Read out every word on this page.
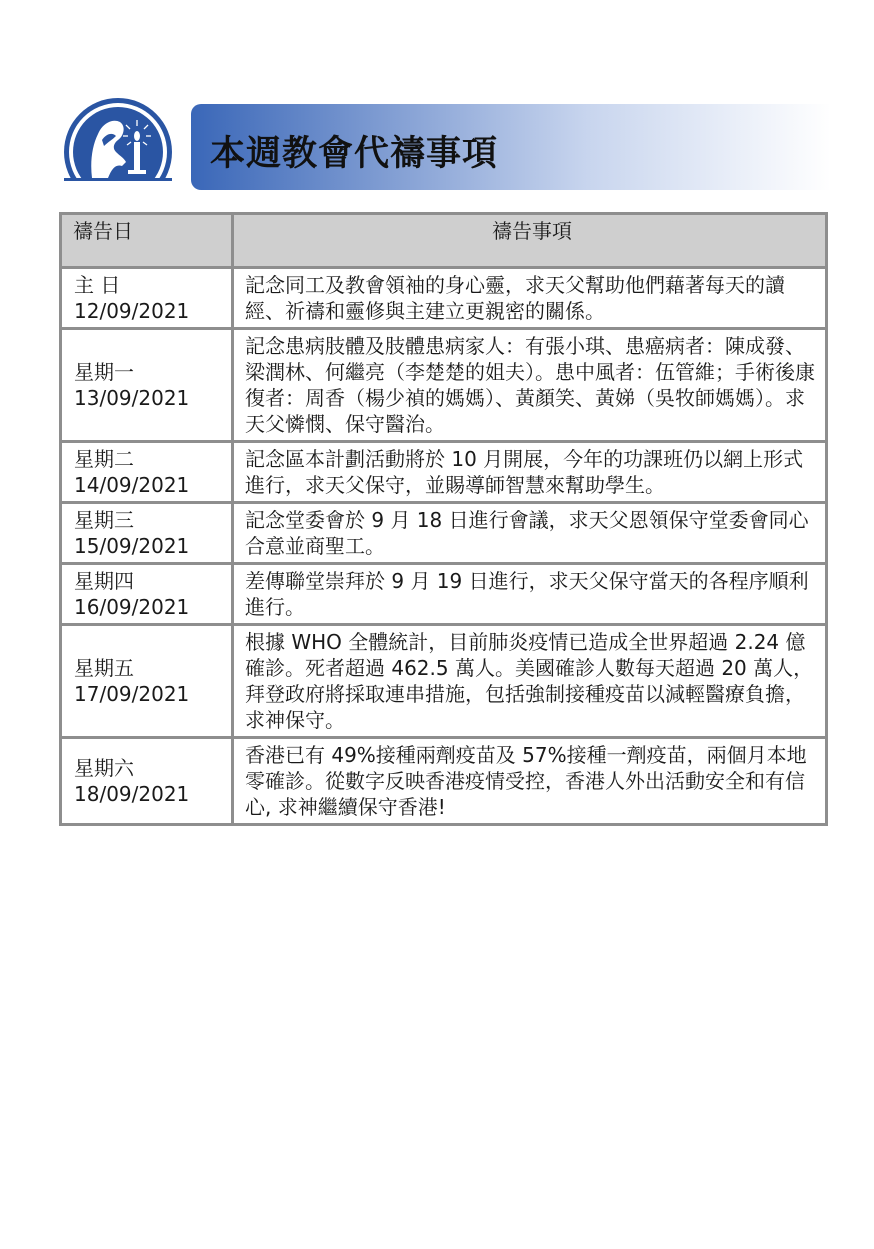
本週教會代禱事項
禱告日	禱告事項

主 日
12/09/2021	記念同工及教會領袖的身心靈，求天父幫助他們藉著每天的讀經、祈禱和靈修與主建立更親密的關係。

星期一
13/09/2021	記念患病肢體及肢體患病家人：有張小琪、患癌病者：陳成發、梁潤林、何繼亮（李楚楚的姐夫）。患中風者：伍管維；手術後康復者：周香（楊少禎的媽媽）、黃顏笑、黃娣（吳牧師媽媽）。求天父憐憫、保守醫治。

星期二
14/09/2021	記念區本計劃活動將於 10 月開展，今年的功課班仍以網上形式進行，求天父保守，並賜導師智慧來幫助學生。

星期三
15/09/2021	記念堂委會於 9 月 18 日進行會議，求天父恩領保守堂委會同心合意並商聖工。

星期四
16/09/2021	差傳聯堂崇拜於 9 月 19 日進行，求天父保守當天的各程序順利進行。

星期五
17/09/2021	根據 WHO 全體統計，目前肺炎疫情已造成全世界超過 2.24 億確診。死者超過 462.5 萬人。美國確診人數每天超過 20 萬人，拜登政府將採取連串措施，包括強制接種疫苗以減輕醫療負擔，求神保守。

星期六
18/09/2021	香港已有 49%接種兩劑疫苗及 57%接種一劑疫苗，兩個月本地零確診。從數字反映香港疫情受控，香港人外出活動安全和有信心, 求神繼續保守香港!
